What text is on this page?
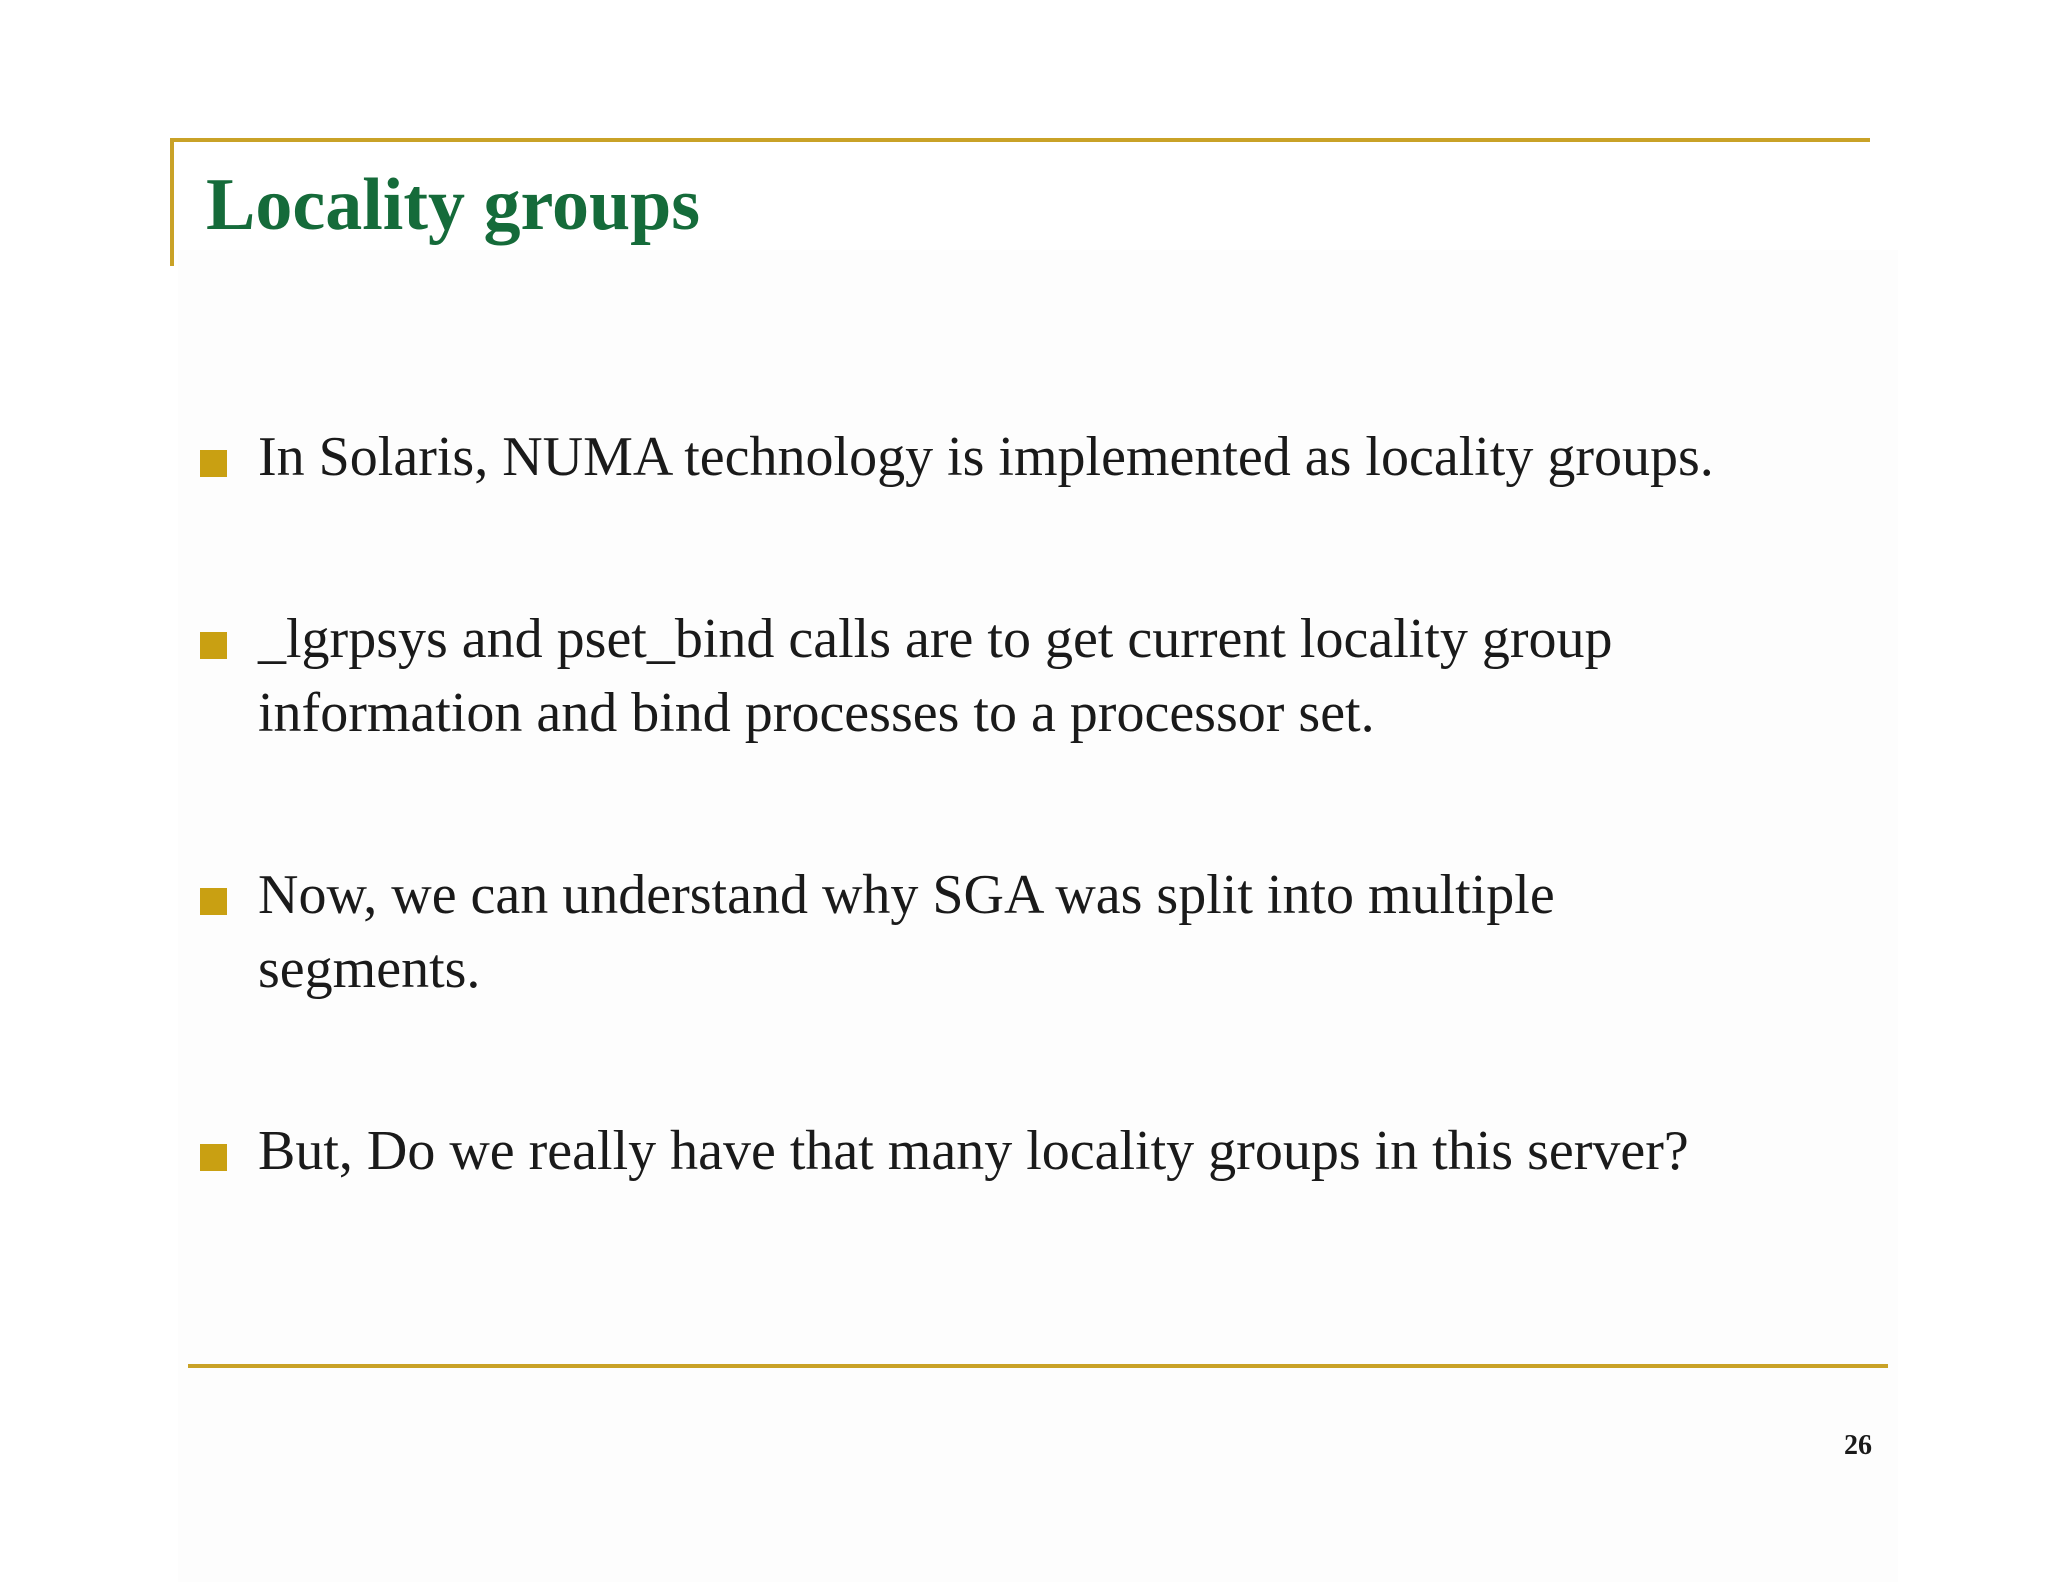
Locality groups
In Solaris, NUMA technology is implemented as locality groups.
_lgrpsys and pset_bind calls are to get current locality group information and bind processes to a processor set.
Now, we can understand why SGA was split into multiple segments.
But, Do we really have that many locality groups in this server?
26
